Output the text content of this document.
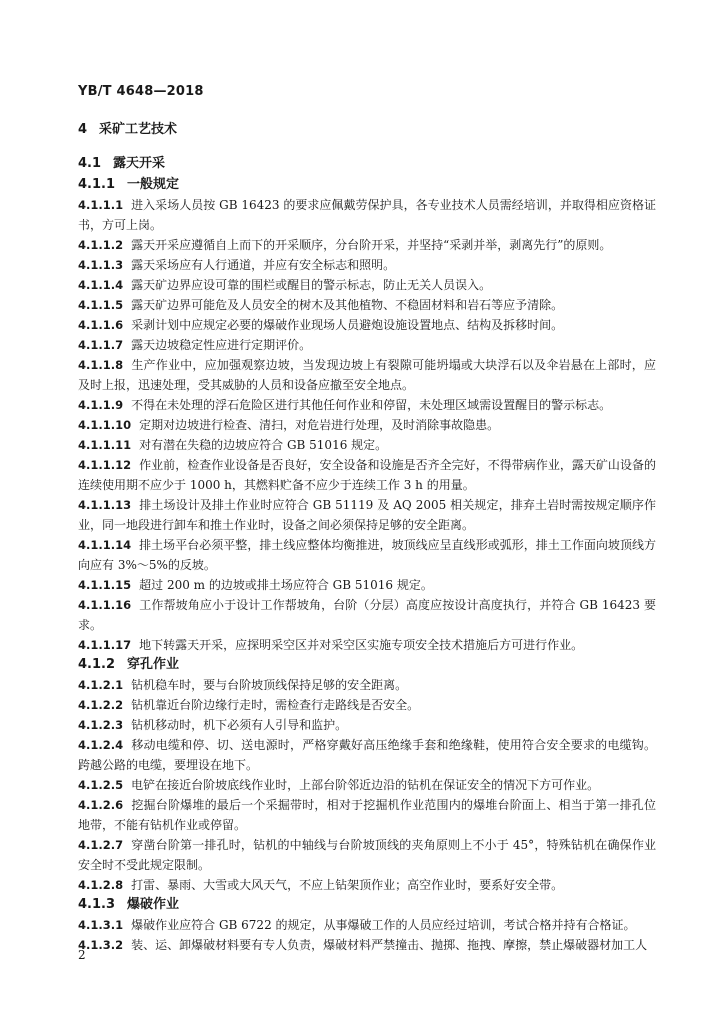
YB/T 4648—2018
4 采矿工艺技术
4.1 露天开采
4.1.1 一般规定

4.1.1.1 进入采场人员按 GB 16423 的要求应佩戴劳保护具，各专业技术人员需经培训，并取得相应资格证书，方可上岗。

4.1.1.2 露天开采应遵循自上而下的开采顺序，分台阶开采，并坚持“采剥并举，剥离先行”的原则。

4.1.1.3 露天采场应有人行通道，并应有安全标志和照明。

4.1.1.4 露天矿边界应设可靠的围栏或醒目的警示标志，防止无关人员误入。

4.1.1.5 露天矿边界可能危及人员安全的树木及其他植物、不稳固材料和岩石等应予清除。

4.1.1.6 采剥计划中应规定必要的爆破作业现场人员避炮设施设置地点、结构及拆移时间。

4.1.1.7 露天边坡稳定性应进行定期评价。

4.1.1.8 生产作业中，应加强观察边坡，当发现边坡上有裂隙可能坍塌或大块浮石以及伞岩悬在上部时，应及时上报，迅速处理，受其威胁的人员和设备应撤至安全地点。

4.1.1.9 不得在未处理的浮石危险区进行其他任何作业和停留，未处理区域需设置醒目的警示标志。

4.1.1.10 定期对边坡进行检查、清扫，对危岩进行处理，及时消除事故隐患。

4.1.1.11 对有潜在失稳的边坡应符合 GB 51016 规定。

4.1.1.12 作业前，检查作业设备是否良好，安全设备和设施是否齐全完好，不得带病作业，露天矿山设备的连续使用期不应少于 1000 h，其燃料贮备不应少于连续工作 3 h 的用量。

4.1.1.13 排土场设计及排土作业时应符合 GB 51119 及 AQ 2005 相关规定，排弃土岩时需按规定顺序作业，同一地段进行卸车和推土作业时，设备之间必须保持足够的安全距离。

4.1.1.14 排土场平台必须平整，排土线应整体均衡推进，坡顶线应呈直线形或弧形，排土工作面向坡顶线方向应有 3%～5%的反坡。

4.1.1.15 超过 200 m 的边坡或排土场应符合 GB 51016 规定。

4.1.1.16 工作帮坡角应小于设计工作帮坡角，台阶（分层）高度应按设计高度执行，并符合 GB 16423 要求。

4.1.1.17 地下转露天开采，应探明采空区并对采空区实施专项安全技术措施后方可进行作业。

4.1.2 穿孔作业

4.1.2.1 钻机稳车时，要与台阶坡顶线保持足够的安全距离。

4.1.2.2 钻机靠近台阶边缘行走时，需检查行走路线是否安全。

4.1.2.3 钻机移动时，机下必须有人引导和监护。

4.1.2.4 移动电缆和停、切、送电源时，严格穿戴好高压绝缘手套和绝缘鞋，使用符合安全要求的电缆钩。跨越公路的电缆，要埋设在地下。

4.1.2.5 电铲在接近台阶坡底线作业时，上部台阶邻近边沿的钻机在保证安全的情况下方可作业。

4.1.2.6 挖掘台阶爆堆的最后一个采掘带时，相对于挖掘机作业范围内的爆堆台阶面上、相当于第一排孔位地带，不能有钻机作业或停留。

4.1.2.7 穿凿台阶第一排孔时，钻机的中轴线与台阶坡顶线的夹角原则上不小于 45°，特殊钻机在确保作业安全时不受此规定限制。

4.1.2.8 打雷、暴雨、大雪或大风天气，不应上钻架顶作业；高空作业时，要系好安全带。

4.1.3 爆破作业

4.1.3.1 爆破作业应符合 GB 6722 的规定，从事爆破工作的人员应经过培训，考试合格并持有合格证。

4.1.3.2 装、运、卸爆破材料要有专人负责，爆破材料严禁撞击、抛掷、拖拽、摩擦，禁止爆破器材加工人

2
